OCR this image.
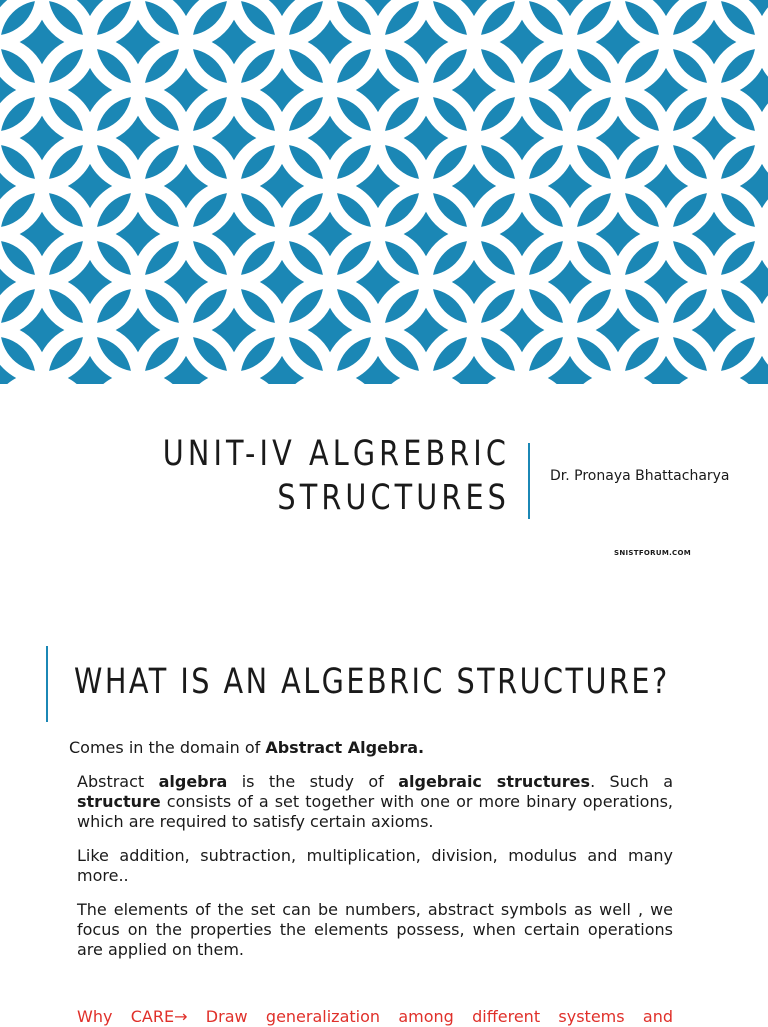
UNIT-IV ALGREBRIC
STRUCTURES
Dr. Pronaya Bhattacharya
SNISTFORUM.COM
WHAT IS AN ALGEBRIC STRUCTURE?
Comes in the domain of Abstract Algebra.

Abstract algebra is the study of algebraic structures. Such a structure consists of a set together with one or more binary operations, which are required to satisfy certain axioms.

Like addition, subtraction, multiplication, division, modulus and many more..

The elements of the set can be numbers, abstract symbols as well , we focus on the properties the elements possess, when certain operations are applied on them.

Why CARE→ Draw generalization among different systems and
